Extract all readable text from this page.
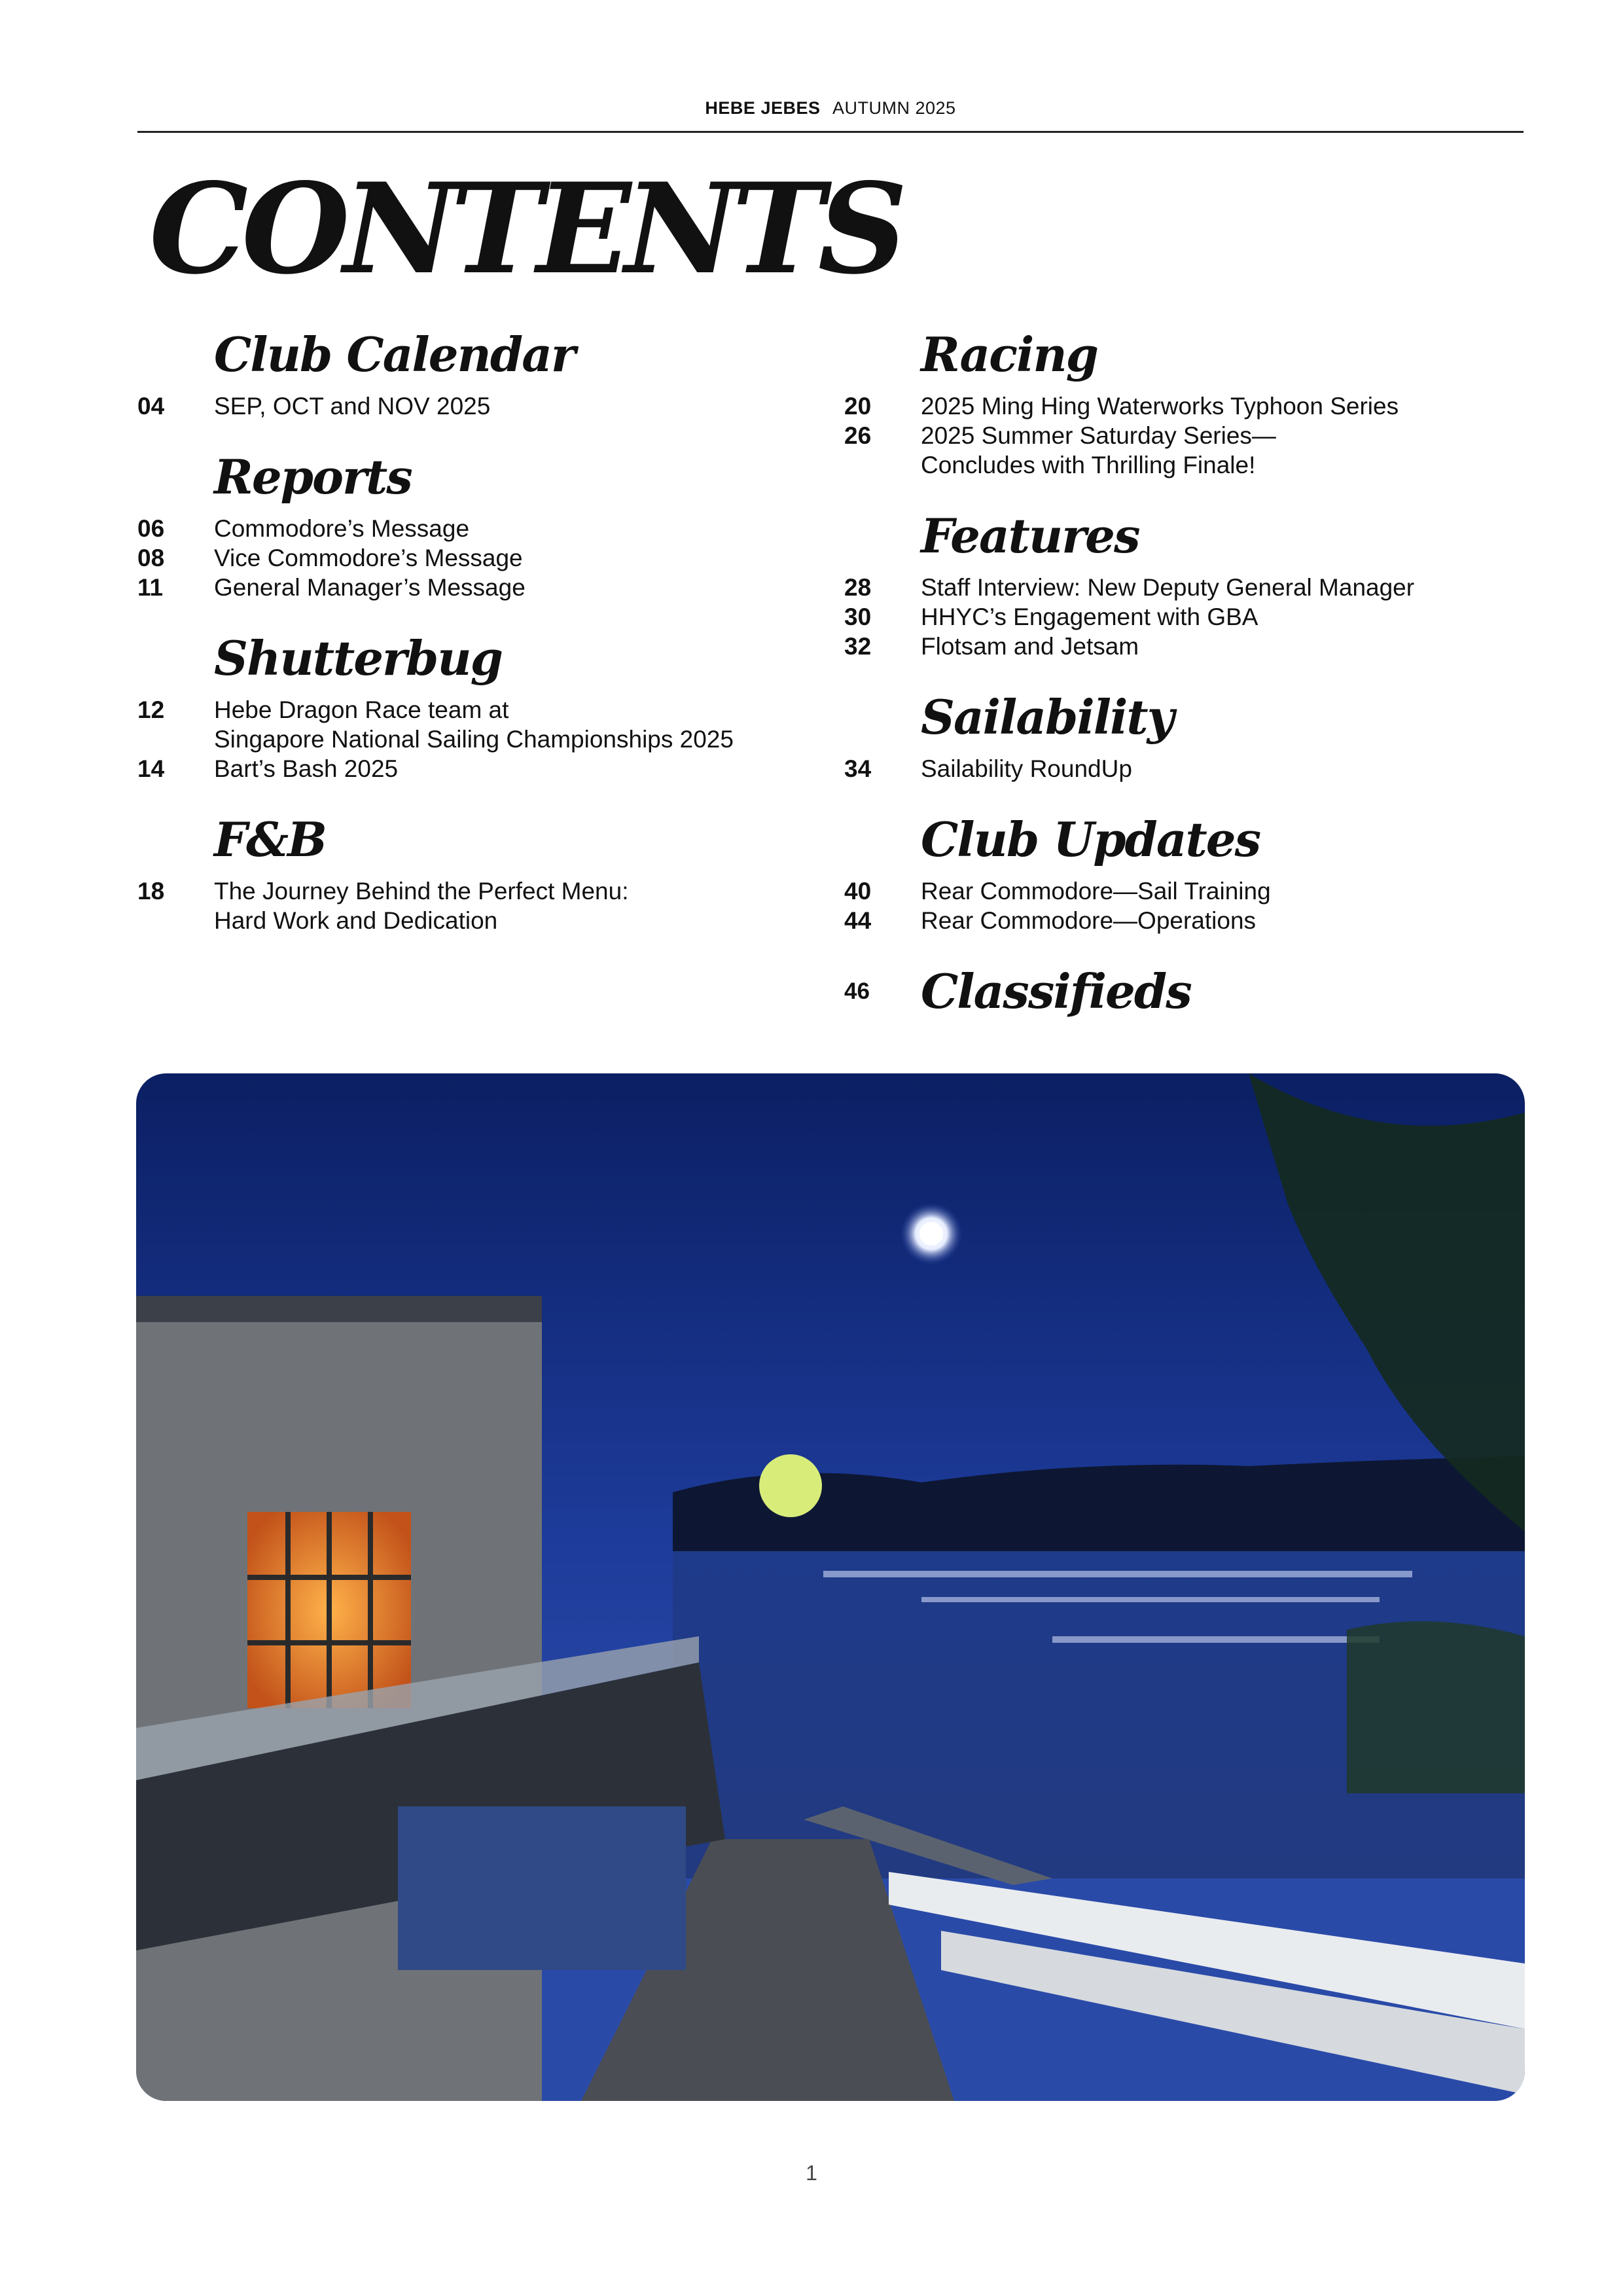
HEBE JEBES AUTUMN 2025
CONTENTS
Club Calendar
04	SEP, OCT and NOV 2025
Reports
06	Commodore’s Message
08	Vice Commodore’s Message
11	General Manager’s Message
Shutterbug
12	Hebe Dragon Race team at
Singapore National Sailing Championships 2025
14	Bart’s Bash 2025
F&B
18	The Journey Behind the Perfect Menu:
Hard Work and Dedication
Racing
20	2025 Ming Hing Waterworks Typhoon Series
26	2025 Summer Saturday Series—
Concludes with Thrilling Finale!
Features
28	Staff Interview: New Deputy General Manager
30	HHYC’s Engagement with GBA
32	Flotsam and Jetsam
Sailability
34	Sailability RoundUp
Club Updates
40	Rear Commodore—Sail Training
44	Rear Commodore—Operations
46	Classifieds
1
